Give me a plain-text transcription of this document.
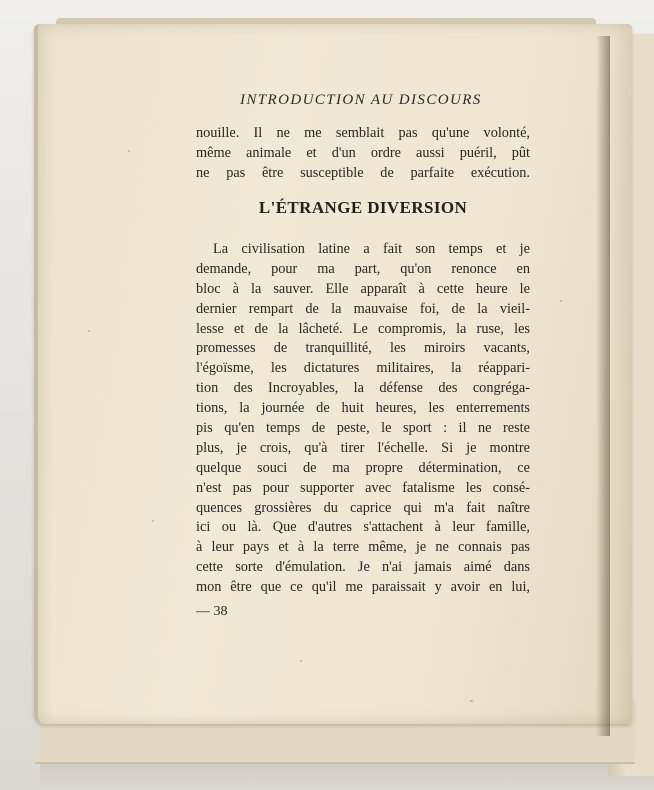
INTRODUCTION AU DISCOURS

nouille. Il ne me semblait pas qu'une volonté,
même animale et d'un ordre aussi puéril, pût
ne pas être susceptible de parfaite exécution.
L'ÉTRANGE DIVERSION
La civilisation latine a fait son temps et je
demande, pour ma part, qu'on renonce en
bloc à la sauver. Elle apparaît à cette heure le
dernier rempart de la mauvaise foi, de la vieil-
lesse et de la lâcheté. Le compromis, la ruse, les
promesses de tranquillité, les miroirs vacants,
l'égoïsme, les dictatures militaires, la réappari-
tion des Incroyables, la défense des congréga-
tions, la journée de huit heures, les enterrements
pis qu'en temps de peste, le sport : il ne reste
plus, je crois, qu'à tirer l'échelle. Si je montre
quelque souci de ma propre détermination, ce
n'est pas pour supporter avec fatalisme les consé-
quences grossières du caprice qui m'a fait naître
ici ou là. Que d'autres s'attachent à leur famille,
à leur pays et à la terre même, je ne connais pas
cette sorte d'émulation. Je n'ai jamais aimé dans
mon être que ce qu'il me paraissait y avoir en lui,

— 38
